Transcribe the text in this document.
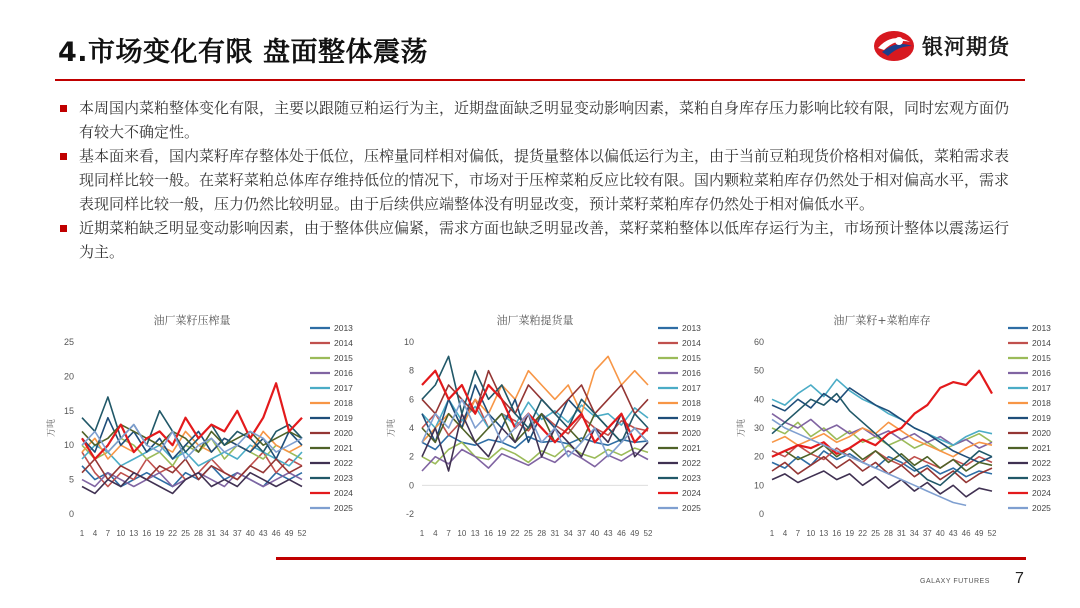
4.市场变化有限 盘面整体震荡	银河期货
本周国内菜粕整体变化有限，主要以跟随豆粕运行为主，近期盘面缺乏明显变动影响因素，菜粕自身库存压力影响比较有限，同时宏观方面仍有较大不确定性。
基本面来看，国内菜籽库存整体处于低位，压榨量同样相对偏低，提货量整体以偏低运行为主，由于当前豆粕现货价格相对偏低，菜粕需求表现同样比较一般。在菜籽菜粕总体库存维持低位的情况下，市场对于压榨菜粕反应比较有限。国内颗粒菜粕库存仍然处于相对偏高水平，需求表现同样比较一般，压力仍然比较明显。由于后续供应端整体没有明显改变，预计菜籽菜粕库存仍然处于相对偏低水平。
近期菜粕缺乏明显变动影响因素，由于整体供应偏紧，需求方面也缺乏明显改善，菜籽菜粕整体以低库存运行为主，市场预计整体以震荡运行为主。
油厂菜籽压榨量
万吨
0
5
10
15
20
25
1 4 7 10 13 16 19 22 25 28 31 34 37 40 43 46 49 52
2013
2014
2015
2016
2017
2018
2019
2020
2021
2022
2023
2024
2025
油厂菜粕提货量
万吨
-2
0
2
4
6
8
10
1 4 7 10 13 16 19 22 25 28 31 34 37 40 43 46 49 52
2013
2014
2015
2016
2017
2018
2019
2020
2021
2022
2023
2024
2025
油厂菜籽+菜粕库存
万吨
0
10
20
30
40
50
60
1 4 7 10 13 16 19 22 25 28 31 34 37 40 43 46 49 52
2013
2014
2015
2016
2017
2018
2019
2020
2021
2022
2023
2024
2025
GALAXY FUTURES 7
